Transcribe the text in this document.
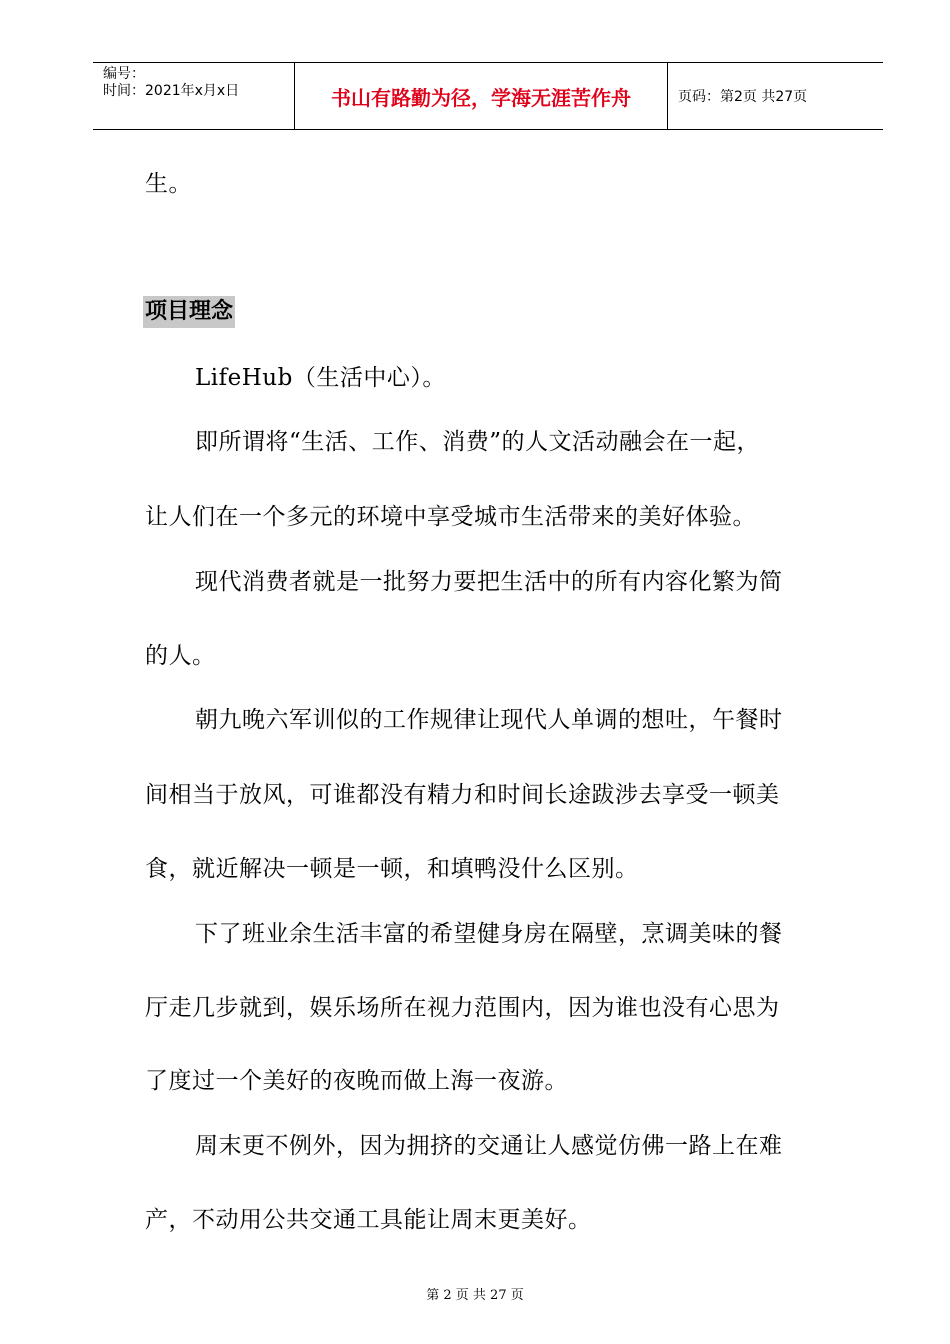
编号：
时间：2021年x月x日	书山有路勤为径，学海无涯苦作舟	页码：第2页 共27页
生。
项目理念
LifeHub（生活中心）。
即所谓将“生活、工作、消费”的人文活动融会在一起，
让人们在一个多元的环境中享受城市生活带来的美好体验。
现代消费者就是一批努力要把生活中的所有内容化繁为简
的人。
朝九晚六军训似的工作规律让现代人单调的想吐，午餐时
间相当于放风，可谁都没有精力和时间长途跋涉去享受一顿美
食，就近解决一顿是一顿，和填鸭没什么区别。
下了班业余生活丰富的希望健身房在隔壁，烹调美味的餐
厅走几步就到，娱乐场所在视力范围内，因为谁也没有心思为
了度过一个美好的夜晚而做上海一夜游。
周末更不例外，因为拥挤的交通让人感觉仿佛一路上在难
产，不动用公共交通工具能让周末更美好。
第 2 页 共 27 页
